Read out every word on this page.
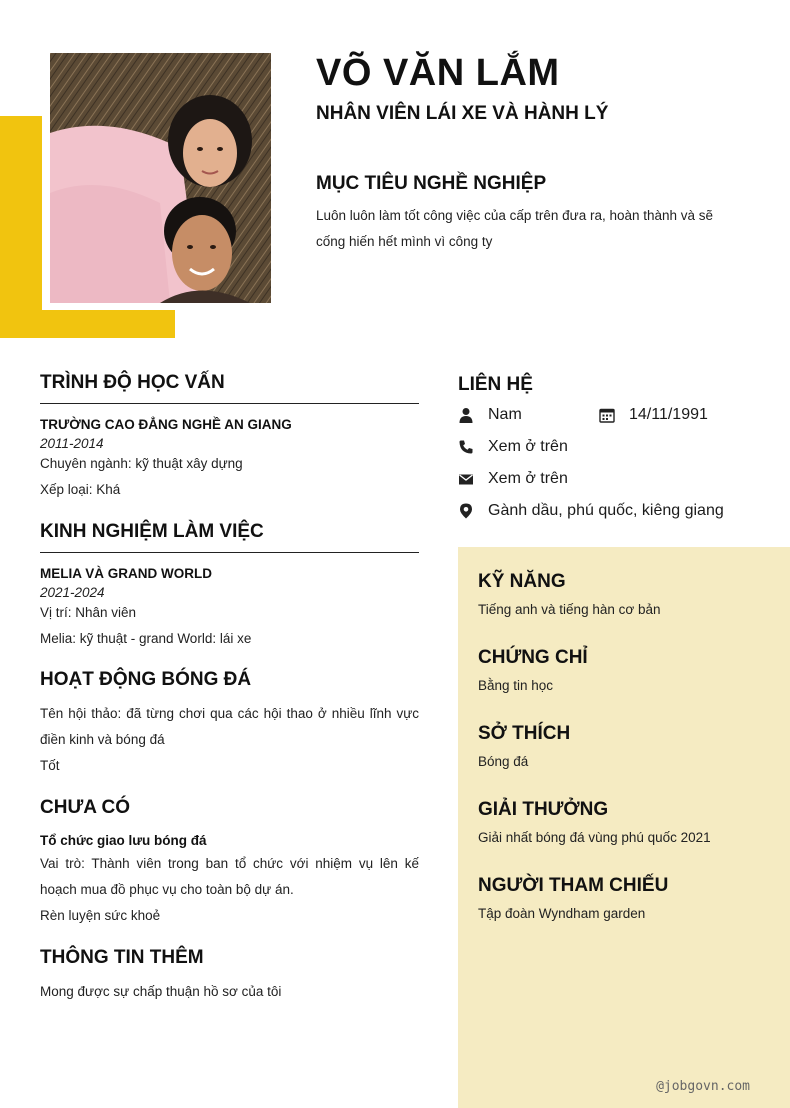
VÕ VĂN LẮM
NHÂN VIÊN LÁI XE VÀ HÀNH LÝ
MỤC TIÊU NGHỀ NGHIỆP
Luôn luôn làm tốt công việc của cấp trên đưa ra, hoàn thành và sẽ cống hiến hết mình vì công ty
TRÌNH ĐỘ HỌC VẤN
TRƯỜNG CAO ĐẲNG NGHỀ AN GIANG
2011-2014
Chuyên ngành: kỹ thuật xây dựng
Xếp loại: Khá
KINH NGHIỆM LÀM VIỆC
MELIA VÀ GRAND WORLD
2021-2024
Vị trí: Nhân viên
Melia: kỹ thuật - grand World: lái xe
HOẠT ĐỘNG BÓNG ĐÁ
Tên hội thảo: đã từng chơi qua các hội thao ở nhiều lĩnh vực điền kinh và bóng đá
Tốt
CHƯA CÓ
Tổ chức giao lưu bóng đá
Vai trò: Thành viên trong ban tổ chức với nhiệm vụ lên kế hoạch mua đồ phục vụ cho toàn bộ dự án.
Rèn luyện sức khoẻ
THÔNG TIN THÊM
Mong được sự chấp thuận hồ sơ của tôi
LIÊN HỆ
Nam	14/11/1991
Xem ở trên
Xem ở trên
Gành dầu, phú quốc, kiêng giang
KỸ NĂNG
Tiếng anh và tiếng hàn cơ bản
CHỨNG CHỈ
Bằng tin học
SỞ THÍCH
Bóng đá
GIẢI THƯỞNG
Giải nhất bóng đá vùng phú quốc 2021
NGƯỜI THAM CHIẾU
Tập đoàn Wyndham garden
@jobgovn.com
